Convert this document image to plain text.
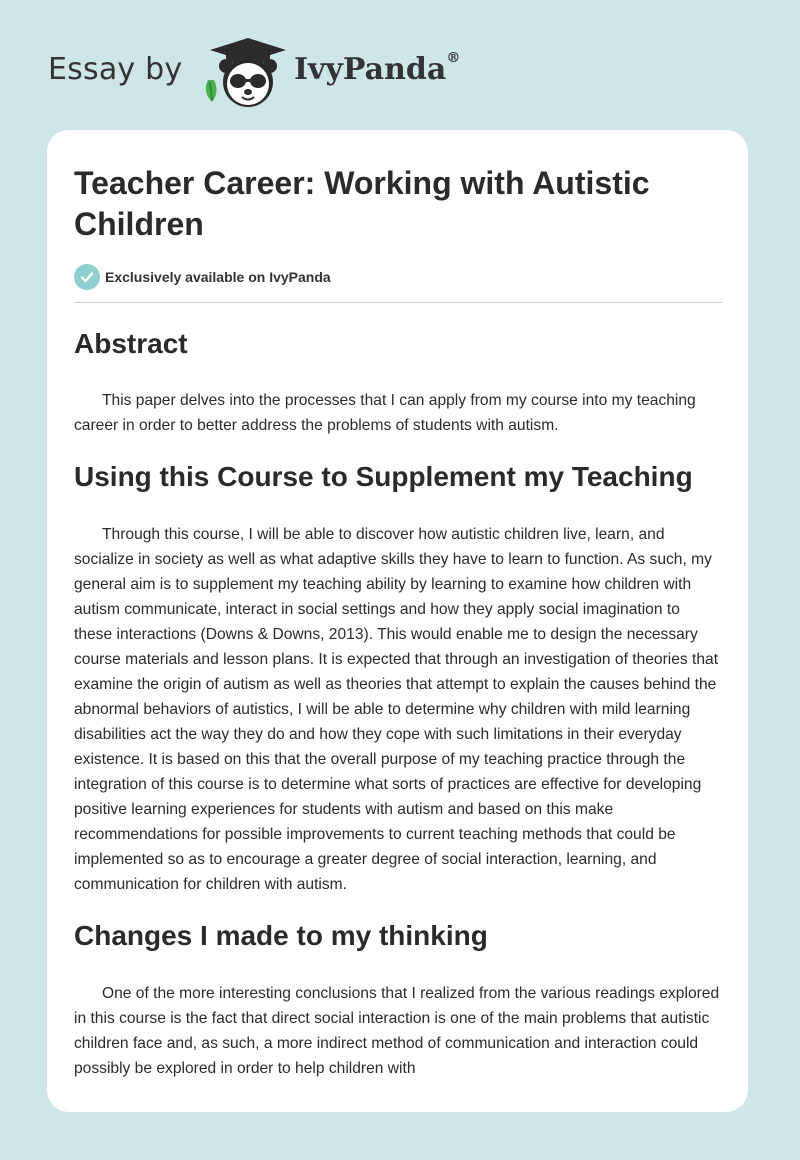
Essay by	IvyPanda®
Teacher Career: Working with Autistic Children
Exclusively available on IvyPanda
Abstract

This paper delves into the processes that I can apply from my course into my teaching career in order to better address the problems of students with autism.

Using this Course to Supplement my Teaching

Through this course, I will be able to discover how autistic children live, learn, and socialize in society as well as what adaptive skills they have to learn to function. As such, my general aim is to supplement my teaching ability by learning to examine how children with autism communicate, interact in social settings and how they apply social imagination to these interactions (Downs & Downs, 2013). This would enable me to design the necessary course materials and lesson plans. It is expected that through an investigation of theories that examine the origin of autism as well as theories that attempt to explain the causes behind the abnormal behaviors of autistics, I will be able to determine why children with mild learning disabilities act the way they do and how they cope with such limitations in their everyday existence. It is based on this that the overall purpose of my teaching practice through the integration of this course is to determine what sorts of practices are effective for developing positive learning experiences for students with autism and based on this make recommendations for possible improvements to current teaching methods that could be implemented so as to encourage a greater degree of social interaction, learning, and communication for children with autism.

Changes I made to my thinking

One of the more interesting conclusions that I realized from the various readings explored in this course is the fact that direct social interaction is one of the main problems that autistic children face and, as such, a more indirect method of communication and interaction could possibly be explored in order to help children with
